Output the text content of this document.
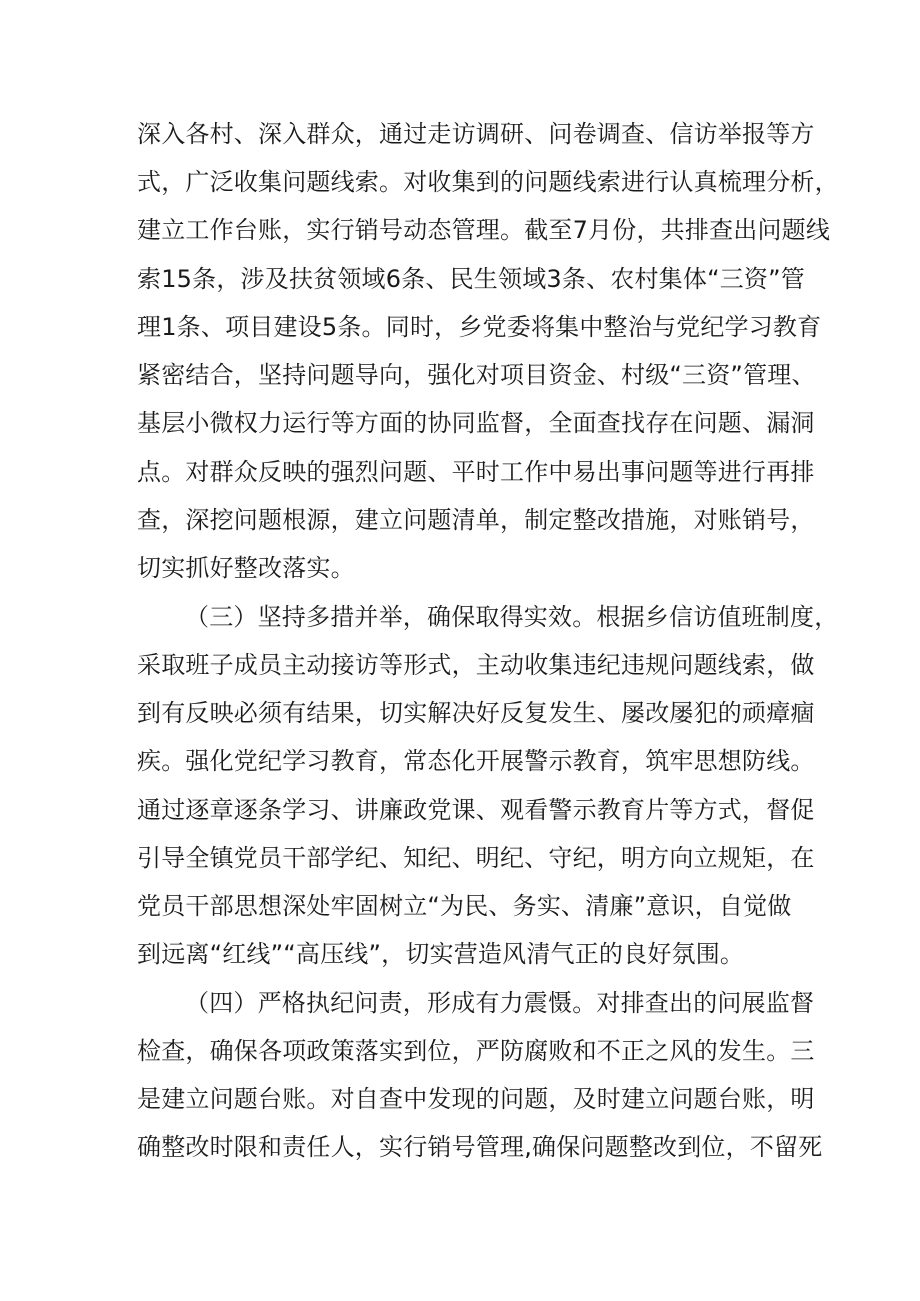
深入各村、深入群众，通过走访调研、问卷调查、信访举报等方
式，广泛收集问题线索。对收集到的问题线索进行认真梳理分析，
建立工作台账，实行销号动态管理。截至7月份，共排查出问题线
索15条，涉及扶贫领域6条、民生领域3条、农村集体“三资”管
理1条、项目建设5条。同时，乡党委将集中整治与党纪学习教育
紧密结合，坚持问题导向，强化对项目资金、村级“三资”管理、
基层小微权力运行等方面的协同监督，全面查找存在问题、漏洞
点。对群众反映的强烈问题、平时工作中易出事问题等进行再排
查，深挖问题根源，建立问题清单，制定整改措施，对账销号，
切实抓好整改落实。
（三）坚持多措并举，确保取得实效。根据乡信访值班制度，
采取班子成员主动接访等形式，主动收集违纪违规问题线索，做
到有反映必须有结果，切实解决好反复发生、屡改屡犯的顽瘴痼
疾。强化党纪学习教育，常态化开展警示教育，筑牢思想防线。
通过逐章逐条学习、讲廉政党课、观看警示教育片等方式，督促
引导全镇党员干部学纪、知纪、明纪、守纪，明方向立规矩，在
党员干部思想深处牢固树立“为民、务实、清廉”意识，自觉做
到远离“红线”“高压线”，切实营造风清气正的良好氛围。
（四）严格执纪问责，形成有力震慑。对排查出的问展监督
检查，确保各项政策落实到位，严防腐败和不正之风的发生。三
是建立问题台账。对自查中发现的问题，及时建立问题台账，明
确整改时限和责任人，实行销号管理,确保问题整改到位，不留死
